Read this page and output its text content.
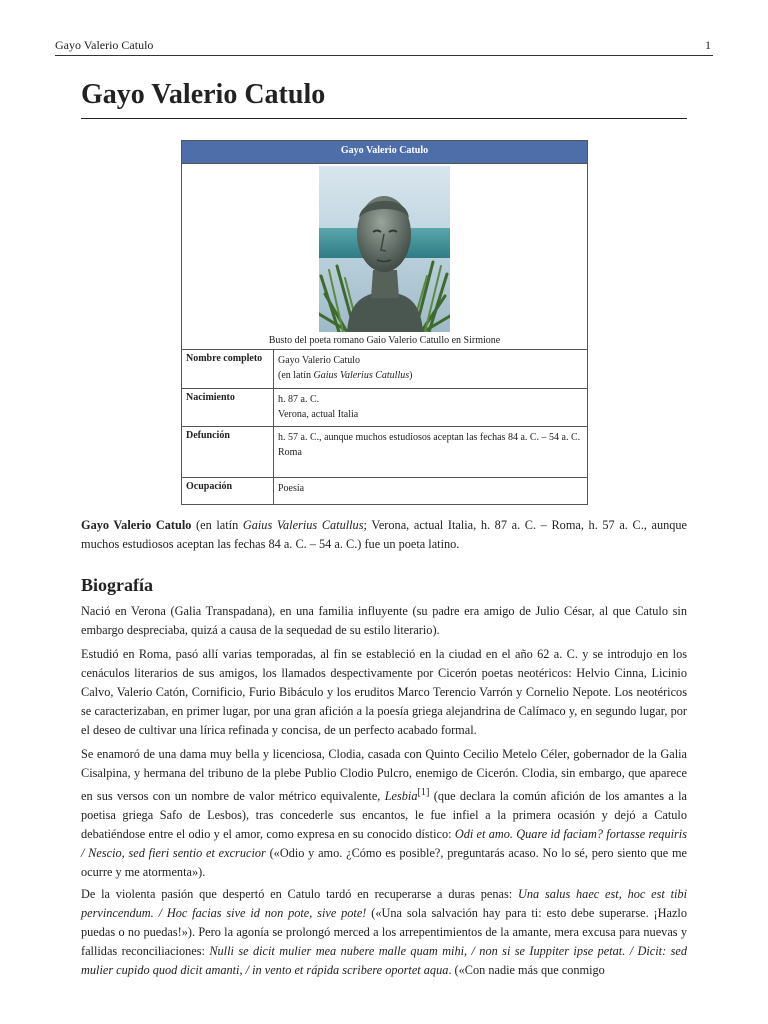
Gayo Valerio Catulo	1
Gayo Valerio Catulo
Gayo Valerio Catulo
Busto del poeta romano Gaio Valerio Catullo en Sirmione
Nombre completo	Gayo Valerio Catulo
(en latín Gaius Valerius Catullus)
Nacimiento	h. 87 a. C.
Verona, actual Italia
Defunción	h. 57 a. C., aunque muchos estudiosos aceptan las fechas 84 a. C. – 54 a. C.
Roma
Ocupación	Poesía

Gayo Valerio Catulo (en latín Gaius Valerius Catullus; Verona, actual Italia, h. 87 a. C. – Roma, h. 57 a. C., aunque muchos estudiosos aceptan las fechas 84 a. C. – 54 a. C.) fue un poeta latino.

Biografía

Nació en Verona (Galia Transpadana), en una familia influyente (su padre era amigo de Julio César, al que Catulo sin embargo despreciaba, quizá a causa de la sequedad de su estilo literario).

Estudió en Roma, pasó allí varias temporadas, al fin se estableció en la ciudad en el año 62 a. C. y se introdujo en los cenáculos literarios de sus amigos, los llamados despectivamente por Cicerón poetas neotéricos: Helvio Cinna, Licinio Calvo, Valerio Catón, Cornificio, Furio Bibáculo y los eruditos Marco Terencio Varrón y Cornelio Nepote. Los neotéricos se caracterizaban, en primer lugar, por una gran afición a la poesía griega alejandrina de Calímaco y, en segundo lugar, por el deseo de cultivar una lírica refinada y concisa, de un perfecto acabado formal.

Se enamoró de una dama muy bella y licenciosa, Clodia, casada con Quinto Cecilio Metelo Céler, gobernador de la Galia Cisalpina, y hermana del tribuno de la plebe Publio Clodio Pulcro, enemigo de Cicerón. Clodia, sin embargo, que aparece en sus versos con un nombre de valor métrico equivalente, Lesbia[1] (que declara la común afición de los amantes a la poetisa griega Safo de Lesbos), tras concederle sus encantos, le fue infiel a la primera ocasión y dejó a Catulo debatiéndose entre el odio y el amor, como expresa en su conocido dístico: Odi et amo. Quare id faciam? fortasse requiris / Nescio, sed fieri sentio et excrucior («Odio y amo. ¿Cómo es posible?, preguntarás acaso. No lo sé, pero siento que me ocurre y me atormenta»).

De la violenta pasión que despertó en Catulo tardó en recuperarse a duras penas: Una salus haec est, hoc est tibi pervincendum. / Hoc facias sive id non pote, sive pote! («Una sola salvación hay para ti: esto debe superarse. ¡Hazlo puedas o no puedas!»). Pero la agonía se prolongó merced a los arrepentimientos de la amante, mera excusa para nuevas y fallidas reconciliaciones: Nulli se dicit mulier mea nubere malle quam mihi, / non si se Iuppiter ipse petat. / Dicit: sed mulier cupido quod dicit amanti, / in vento et rápida scribere oportet aqua. («Con nadie más que conmigo
